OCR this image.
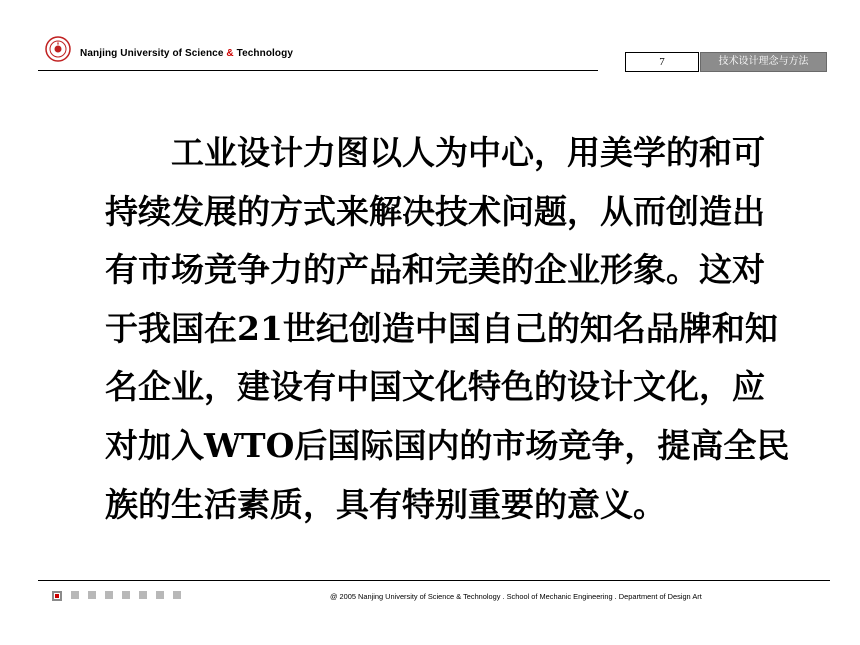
Nanjing University of Science & Technology
7	技术设计理念与方法
工业设计力图以人为中心，用美学的和可
持续发展的方式来解决技术问题，从而创造出
有市场竞争力的产品和完美的企业形象。这对
于我国在21世纪创造中国自己的知名品牌和知
名企业，建设有中国文化特色的设计文化，应
对加入WTO后国际国内的市场竞争，提高全民
族的生活素质，具有特别重要的意义。
@ 2005 Nanjing University of Science & Technology . School of Mechanic Engineering . Department of Design Art
